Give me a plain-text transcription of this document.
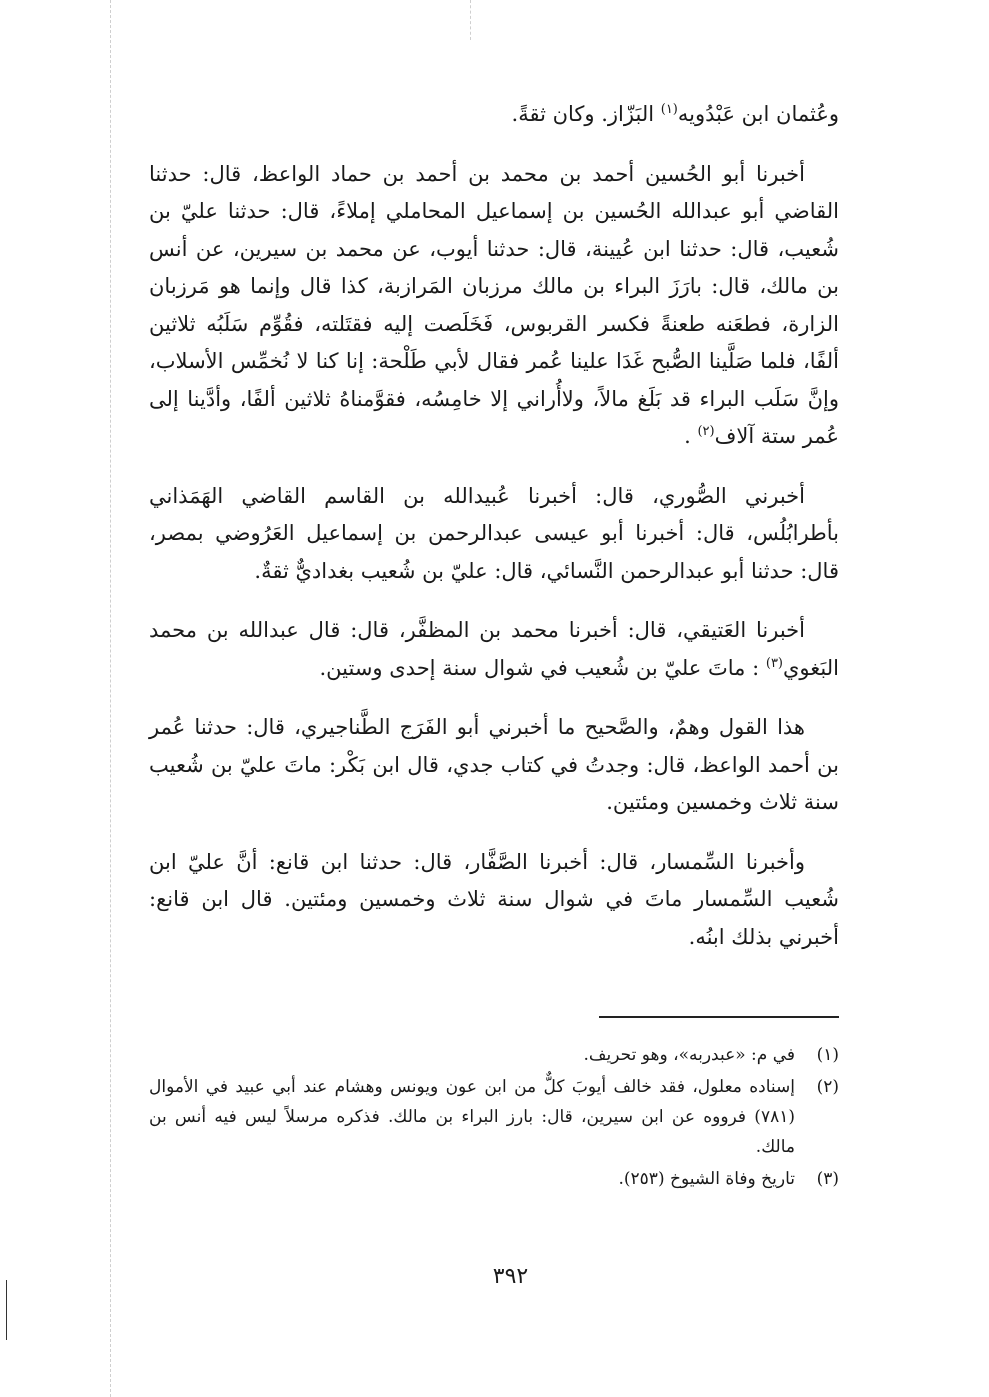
وعُثمان ابن عَبْدُويه$^{(١)}$ البَزّاز. وكان ثقةً.

أخبرنا أبو الحُسين أحمد بن محمد بن أحمد بن حماد الواعظ، قال: حدثنا القاضي أبو عبدالله الحُسين بن إسماعيل المحاملي إملاءً، قال: حدثنا عليّ بن شُعيب، قال: حدثنا ابن عُيينة، قال: حدثنا أيوب، عن محمد بن سيرين، عن أنس بن مالك، قال: بارَزَ البراء بن مالك مرزبان المَرازبة، كذا قال وإنما هو مَرزبان الزارة، فطعَنه طعنةً فكسر القربوس، فَخَلَصت إليه فقتَلته، فقُوِّم سَلَبُه ثلاثين ألفًا، فلما صَلَّينا الصُّبح غَدَا علينا عُمر فقال لأبي طَلْحة: إنا كنا لا نُخمِّس الأسلاب، وإنَّ سَلَب البراء قد بَلَغ مالاً، ولاأُراني إلا خامِسُه، فقوَّمناهُ ثلاثين ألفًا، وأدَّينا إلى عُمر ستة آلاف$^{(٢)}$ .

أخبرني الصُّوري، قال: أخبرنا عُبيدالله بن القاسم القاضي الهَمَذاني بأطرابُلُس، قال: أخبرنا أبو عيسى عبدالرحمن بن إسماعيل العَرُوضي بمصر، قال: حدثنا أبو عبدالرحمن النَّسائي، قال: عليّ بن شُعيب بغداديٌّ ثقةٌ.

أخبرنا العَتيقي، قال: أخبرنا محمد بن المظفَّر، قال: قال عبدالله بن محمد البَغوي$^{(٣)}$ : ماتَ عليّ بن شُعيب في شوال سنة إحدى وستين.

هذا القول وهمٌ، والصَّحيح ما أخبرني أبو الفَرَج الطَّناجيري، قال: حدثنا عُمر بن أحمد الواعظ، قال: وجدتُ في كتاب جدي، قال ابن بَكْر: ماتَ عليّ بن شُعيب سنة ثلاث وخمسين ومئتين.

وأخبرنا السِّمسار، قال: أخبرنا الصَّفَّار، قال: حدثنا ابن قانع: أنَّ عليّ ابن شُعيب السِّمسار ماتَ في شوال سنة ثلاث وخمسين ومئتين. قال ابن قانع: أخبرني بذلك ابنُه.

(١)
في م: «عبدربه»، وهو تحريف.
(٢)
إسناده معلول، فقد خالف أيوبَ كلٌّ من ابن عون ويونس وهشام عند أبي عبيد في الأموال (٧٨١) فرووه عن ابن سيرين، قال: بارز البراء بن مالك. فذكره مرسلاً ليس فيه أنس بن مالك.
(٣)
تاريخ وفاة الشيوخ (٢٥٣).
٣٩٢
